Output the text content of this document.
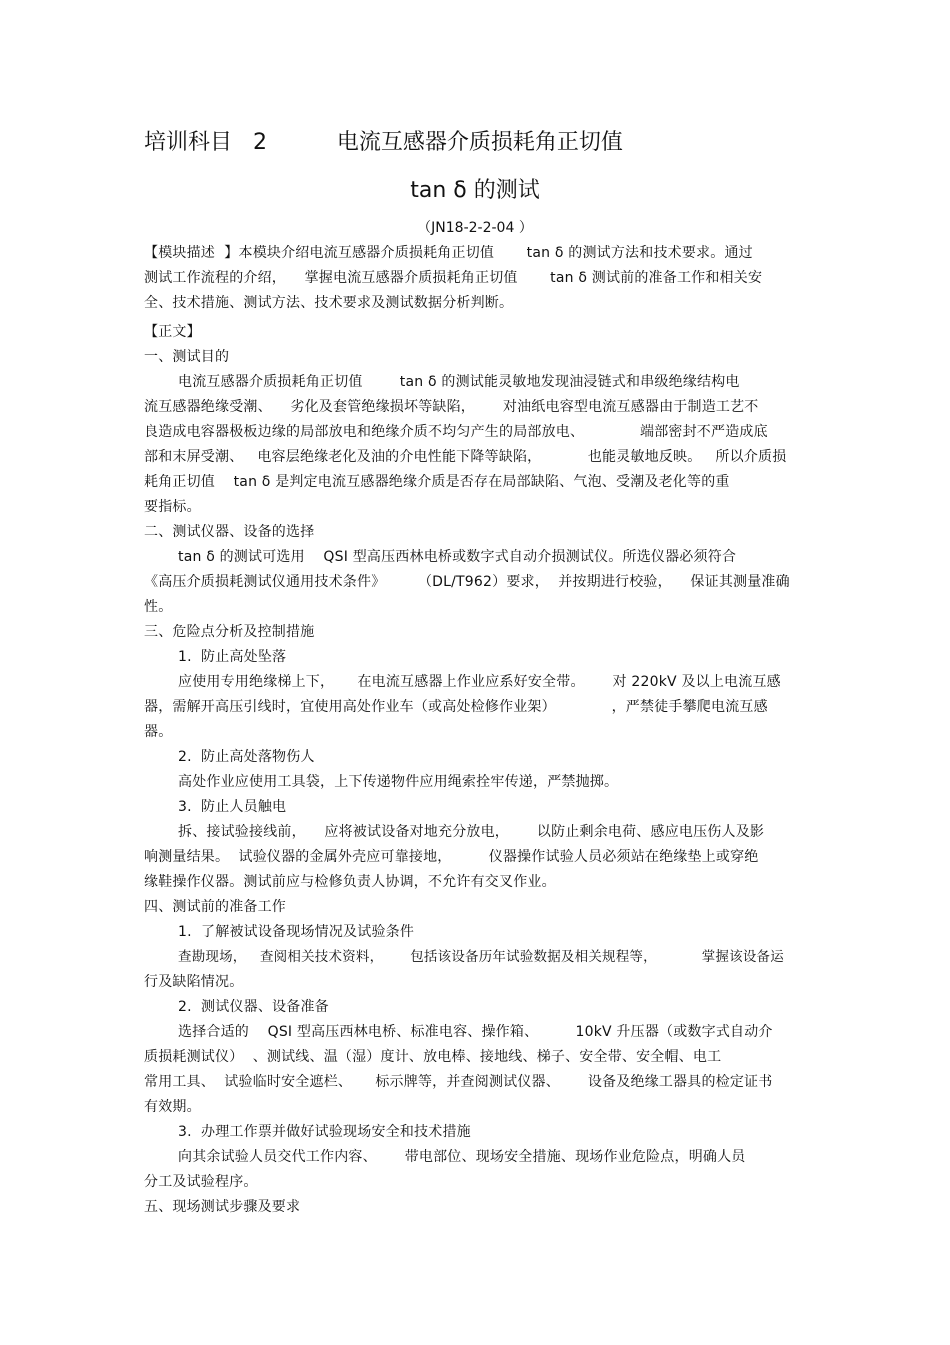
培训科目   2          电流互感器介质损耗角正切值
tan δ 的测试
（JN18-2-2-04 ）
【模块描述  】本模块介绍电流互感器介质损耗角正切值       tan δ 的测试方法和技术要求。通过
测试工作流程的介绍，    掌握电流互感器介质损耗角正切值       tan δ 测试前的准备工作和相关安
全、技术措施、测试方法、技术要求及测试数据分析判断。
【正文】
一、测试目的
电流互感器介质损耗角正切值        tan δ 的测试能灵敏地发现油浸链式和串级绝缘结构电
流互感器绝缘受潮、    劣化及套管绝缘损坏等缺陷，      对油纸电容型电流互感器由于制造工艺不
良造成电容器极板边缘的局部放电和绝缘介质不均匀产生的局部放电、            端部密封不严造成底
部和末屏受潮、   电容层绝缘老化及油的介电性能下降等缺陷，          也能灵敏地反映。   所以介质损
耗角正切值    tan δ 是判定电流互感器绝缘介质是否存在局部缺陷、气泡、受潮及老化等的重
要指标。
二、测试仪器、设备的选择
tan δ 的测试可选用    QSI 型高压西林电桥或数字式自动介损测试仪。所选仪器必须符合
《高压介质损耗测试仪通用技术条件》       （DL/T962）要求，  并按期进行校验，    保证其测量准确
性。
三、危险点分析及控制措施
1.  防止高处坠落
应使用专用绝缘梯上下，     在电流互感器上作业应系好安全带。      对 220kV 及以上电流互感
器，需解开高压引线时，宜使用高处作业车（或高处检修作业架）            ，严禁徒手攀爬电流互感
器。
2.  防止高处落物伤人
高处作业应使用工具袋，上下传递物件应用绳索拴牢传递，严禁抛掷。
3.  防止人员触电
拆、接试验接线前，    应将被试设备对地充分放电，      以防止剩余电荷、感应电压伤人及影
响测量结果。  试验仪器的金属外壳应可靠接地，        仪器操作试验人员必须站在绝缘垫上或穿绝
缘鞋操作仪器。测试前应与检修负责人协调，不允许有交叉作业。
四、测试前的准备工作
1.  了解被试设备现场情况及试验条件
查勘现场，   查阅相关技术资料，      包括该设备历年试验数据及相关规程等，          掌握该设备运
行及缺陷情况。
2.  测试仪器、设备准备
选择合适的    QSI 型高压西林电桥、标准电容、操作箱、        10kV 升压器（或数字式自动介
质损耗测试仪）  、测试线、温（湿）度计、放电棒、接地线、梯子、安全带、安全帽、电工
常用工具、  试验临时安全遮栏、     标示牌等，并查阅测试仪器、      设备及绝缘工器具的检定证书
有效期。
3.  办理工作票并做好试验现场安全和技术措施
向其余试验人员交代工作内容、      带电部位、现场安全措施、现场作业危险点，明确人员
分工及试验程序。
五、现场测试步骤及要求
